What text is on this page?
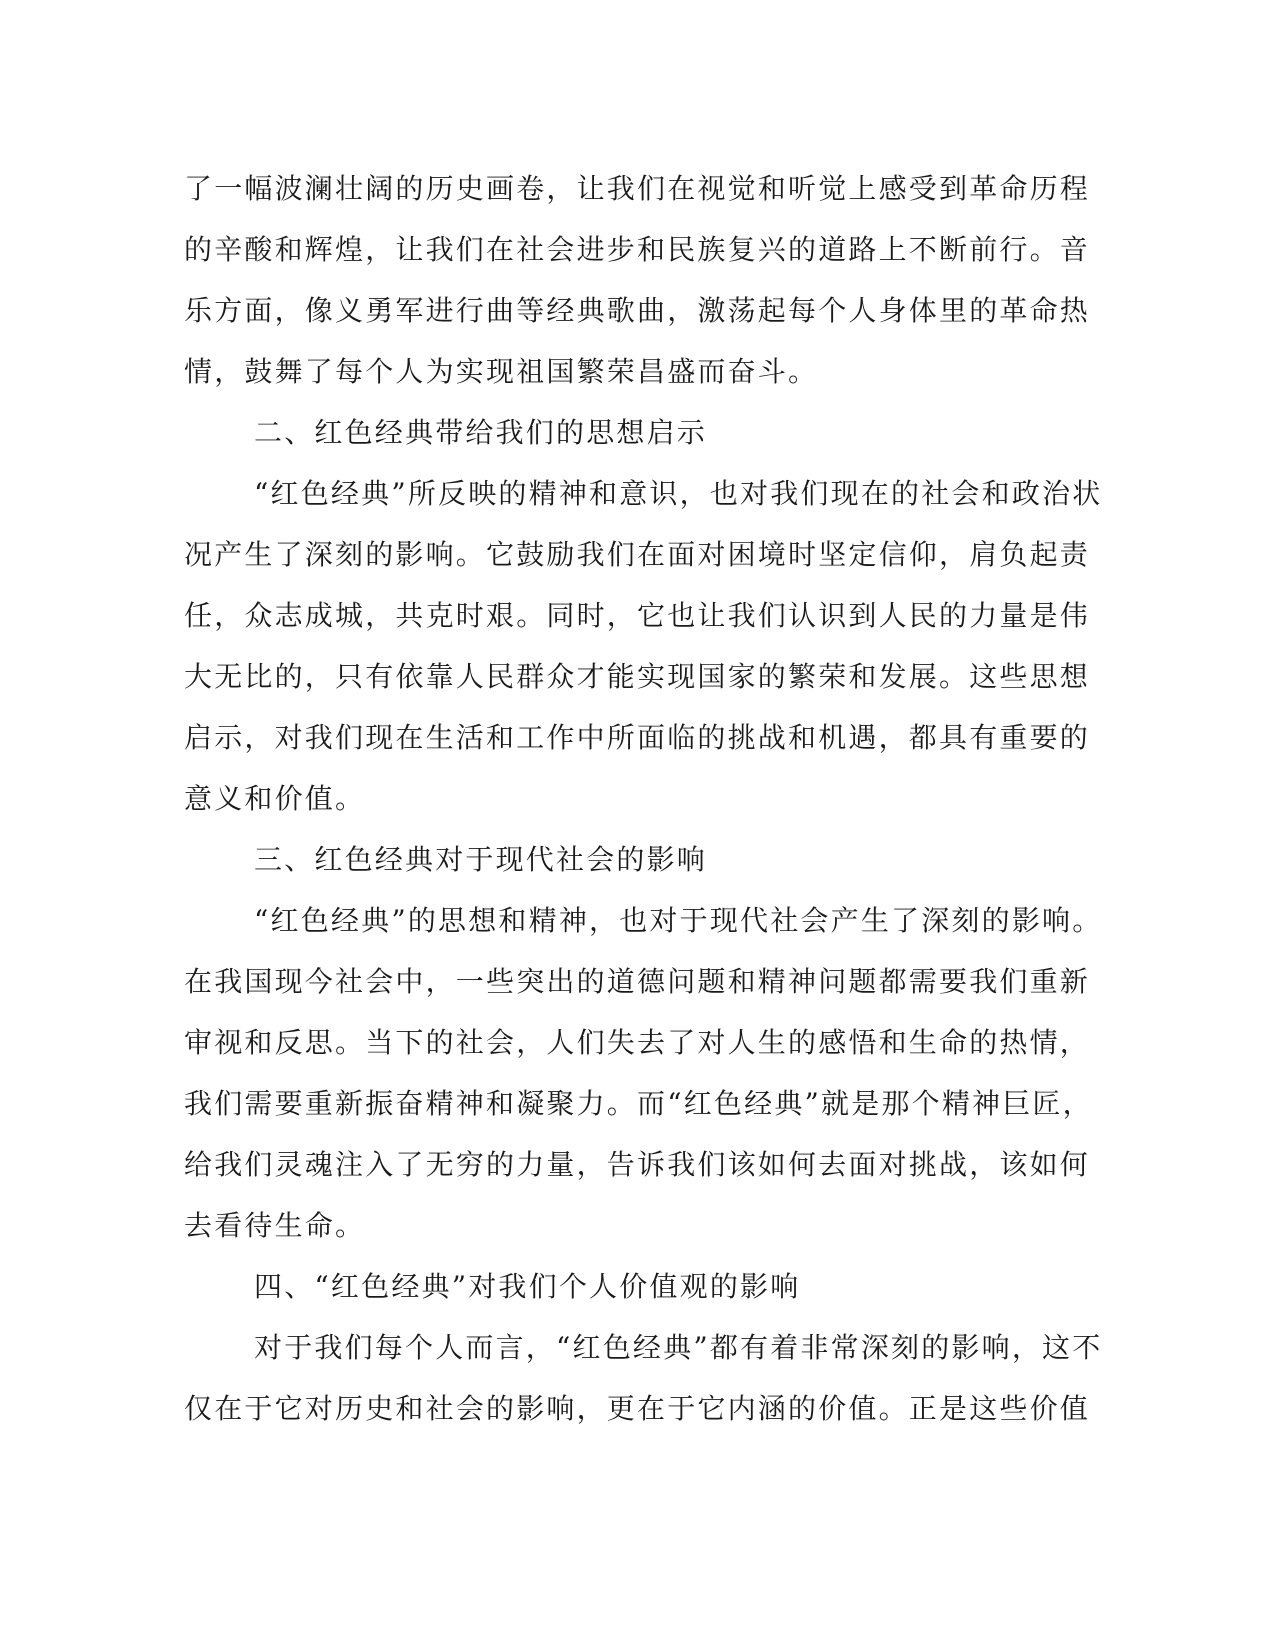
了一幅波澜壮阔的历史画卷，让我们在视觉和听觉上感受到革命历程
的辛酸和辉煌，让我们在社会进步和民族复兴的道路上不断前行。音
乐方面，像义勇军进行曲等经典歌曲，激荡起每个人身体里的革命热
情，鼓舞了每个人为实现祖国繁荣昌盛而奋斗。
二、红色经典带给我们的思想启示
“红色经典”所反映的精神和意识，也对我们现在的社会和政治状
况产生了深刻的影响。它鼓励我们在面对困境时坚定信仰，肩负起责
任，众志成城，共克时艰。同时，它也让我们认识到人民的力量是伟
大无比的，只有依靠人民群众才能实现国家的繁荣和发展。这些思想
启示，对我们现在生活和工作中所面临的挑战和机遇，都具有重要的
意义和价值。
三、红色经典对于现代社会的影响
“红色经典”的思想和精神，也对于现代社会产生了深刻的影响。
在我国现今社会中，一些突出的道德问题和精神问题都需要我们重新
审视和反思。当下的社会，人们失去了对人生的感悟和生命的热情，
我们需要重新振奋精神和凝聚力。而“红色经典”就是那个精神巨匠，
给我们灵魂注入了无穷的力量，告诉我们该如何去面对挑战，该如何
去看待生命。
四、“红色经典”对我们个人价值观的影响
对于我们每个人而言，“红色经典”都有着非常深刻的影响，这不
仅在于它对历史和社会的影响，更在于它内涵的价值。正是这些价值
